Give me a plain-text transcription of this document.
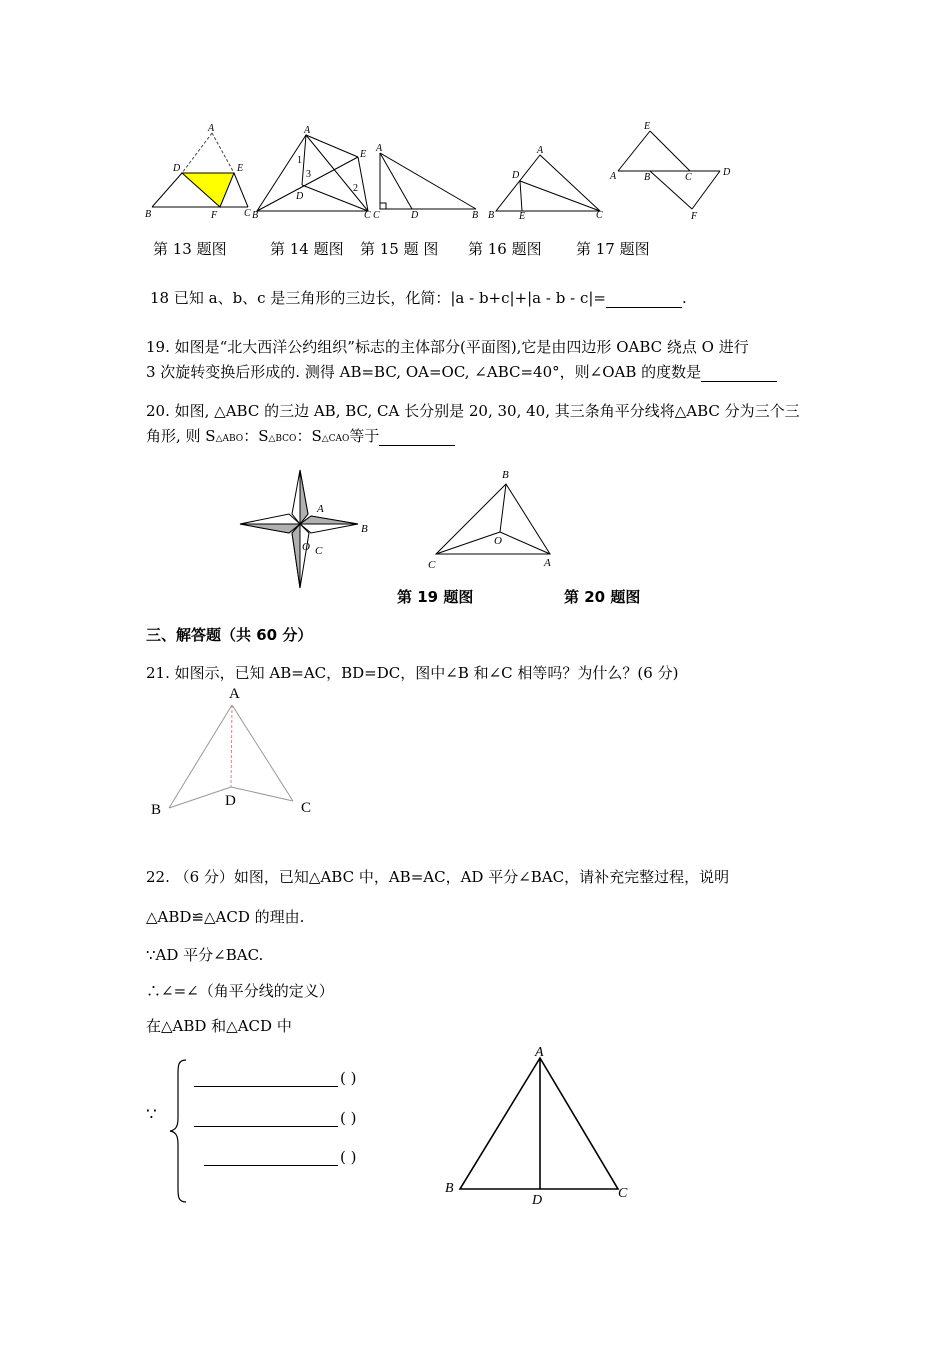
A
D	E
B	F	C
A
E
B	C
D
1
3
2
A
C	D	B
A
D
B E	C
E
A	B	C	D
F
第 13 题图	第 14 题图 第 15 题 图 第 16 题图 第 17 题图
18 已知 a、b、c 是三角形的三边长，化简：|a - b+c|+|a - b - c|=	.
19. 如图是“北大西洋公约组织”标志的主体部分(平面图),它是由四边形 OABC 绕点 O 进行
3 次旋转变换后形成的. 测得 AB=BC, OA=OC, ∠ABC=40°，则∠OAB 的度数是
20. 如图, △ABC 的三边 AB, BC, CA 长分别是 20, 30, 40, 其三条角平分线将△ABC 分为三个三
角形, 则 S△ABO：S△BCO：S△CAO等于
A
B
O C
B
O
C	A
第 19 题图	第 20 题图
三、解答题（共 60 分）
21. 如图示，已知 AB=AC，BD=DC，图中∠B 和∠C 相等吗？为什么？(6 分)
A
B
D	C
22. （6 分）如图，已知△ABC 中，AB=AC，AD 平分∠BAC，请补充完整过程，说明
△ABD≌△ACD 的理由.
∵AD 平分∠BAC.
∴∠=∠（角平分线的定义）
在△ABD 和△ACD 中
∵
( )
( )
( )
A
B
D	C
